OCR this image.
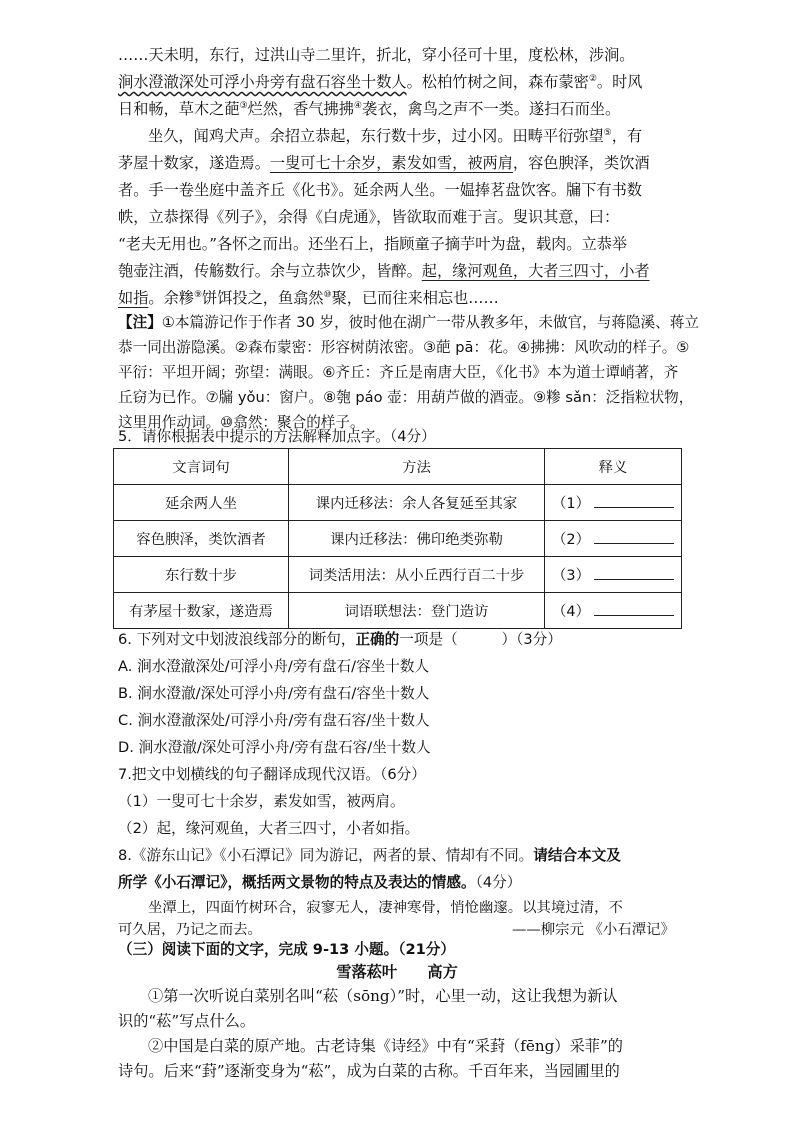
……天未明，东行，过洪山寺二里许，折北，穿小径可十里，度松林，涉涧。
涧水澄澈深处可浮小舟旁有盘石容坐十数人。松柏竹树之间，森布蒙密②。时风
日和畅，草木之葩③烂然，香气拂拂④袭衣，禽鸟之声不一类。遂扫石而坐。
坐久，闻鸡犬声。余招立恭起，东行数十步，过小冈。田畴平衍弥望⑤，有
茅屋十数家，遂造焉。一叟可七十余岁，素发如雪，被两肩，容色腴泽，类饮酒
者。手一卷坐庭中盖齐丘《化书》。延余两人坐。一媪捧茗盘饮客。牖下有书数
帙，立恭探得《列子》，余得《白虎通》，皆欲取而难于言。叟识其意，曰：
“老夫无用也。”各怀之而出。还坐石上，指顾童子摘芋叶为盘，载肉。立恭举
匏壶注酒，传觞数行。余与立恭饮少，皆醉。起，缘河观鱼，大者三四寸，小者
如指。余糁⑨饼饵投之，鱼翕然⑩聚，已而往来相忘也……
【注】①本篇游记作于作者 30 岁，彼时他在湖广一带从教多年，未做官，与蒋隐溪、蒋立
恭一同出游隐溪。②森布蒙密：形容树荫浓密。③葩 pā：花。④拂拂：风吹动的样子。⑤
平衍：平坦开阔；弥望：满眼。⑥齐丘：齐丘是南唐大臣，《化书》本为道士谭峭著，齐
丘窃为已作。⑦牖 yǒu：窗户。⑧匏 páo 壶：用葫芦做的酒壶。⑨糁 sǎn：泛指粒状物，
这里用作动词。⑩翕然：聚合的样子。
5．请你根据表中提示的方法解释加点字。（4分）
文言词句	方法	释义
延余两人坐	课内迁移法：余人各复延至其家	（1）
容色腴泽，类饮酒者	课内迁移法：佛印绝类弥勒	（2）
东行数十步	词类活用法：从小丘西行百二十步	（3）
有茅屋十数家，遂造焉	词语联想法：登门造访	（4）
6. 下列对文中划波浪线部分的断句，正确的一项是（　　　）（3分）
A. 涧水澄澈深处/可浮小舟/旁有盘石/容坐十数人
B. 涧水澄澈/深处可浮小舟/旁有盘石/容坐十数人
C. 涧水澄澈深处/可浮小舟/旁有盘石容/坐十数人
D. 涧水澄澈/深处可浮小舟/旁有盘石容/坐十数人
7.把文中划横线的句子翻译成现代汉语。（6分）
（1）一叟可七十余岁，素发如雪，被两肩。
（2）起，缘河观鱼，大者三四寸，小者如指。
8.《游东山记》《小石潭记》同为游记，两者的景、情却有不同。请结合本文及
所学《小石潭记》，概括两文景物的特点及表达的情感。（4分）
坐潭上，四面竹树环合，寂寥无人，凄神寒骨，悄怆幽邃。以其境过清，不
可久居，乃记之而去。	——柳宗元 《小石潭记》
（三）阅读下面的文字，完成 9-13 小题。（21分）
雪落菘叶　　高方
①第一次听说白菜别名叫“菘（sōng）”时，心里一动，这让我想为新认
识的“菘”写点什么。
②中国是白菜的原产地。古老诗集《诗经》中有“采葑（fēng）采菲”的
诗句。后来“葑”逐渐变身为“菘”，成为白菜的古称。千百年来，当园圃里的
